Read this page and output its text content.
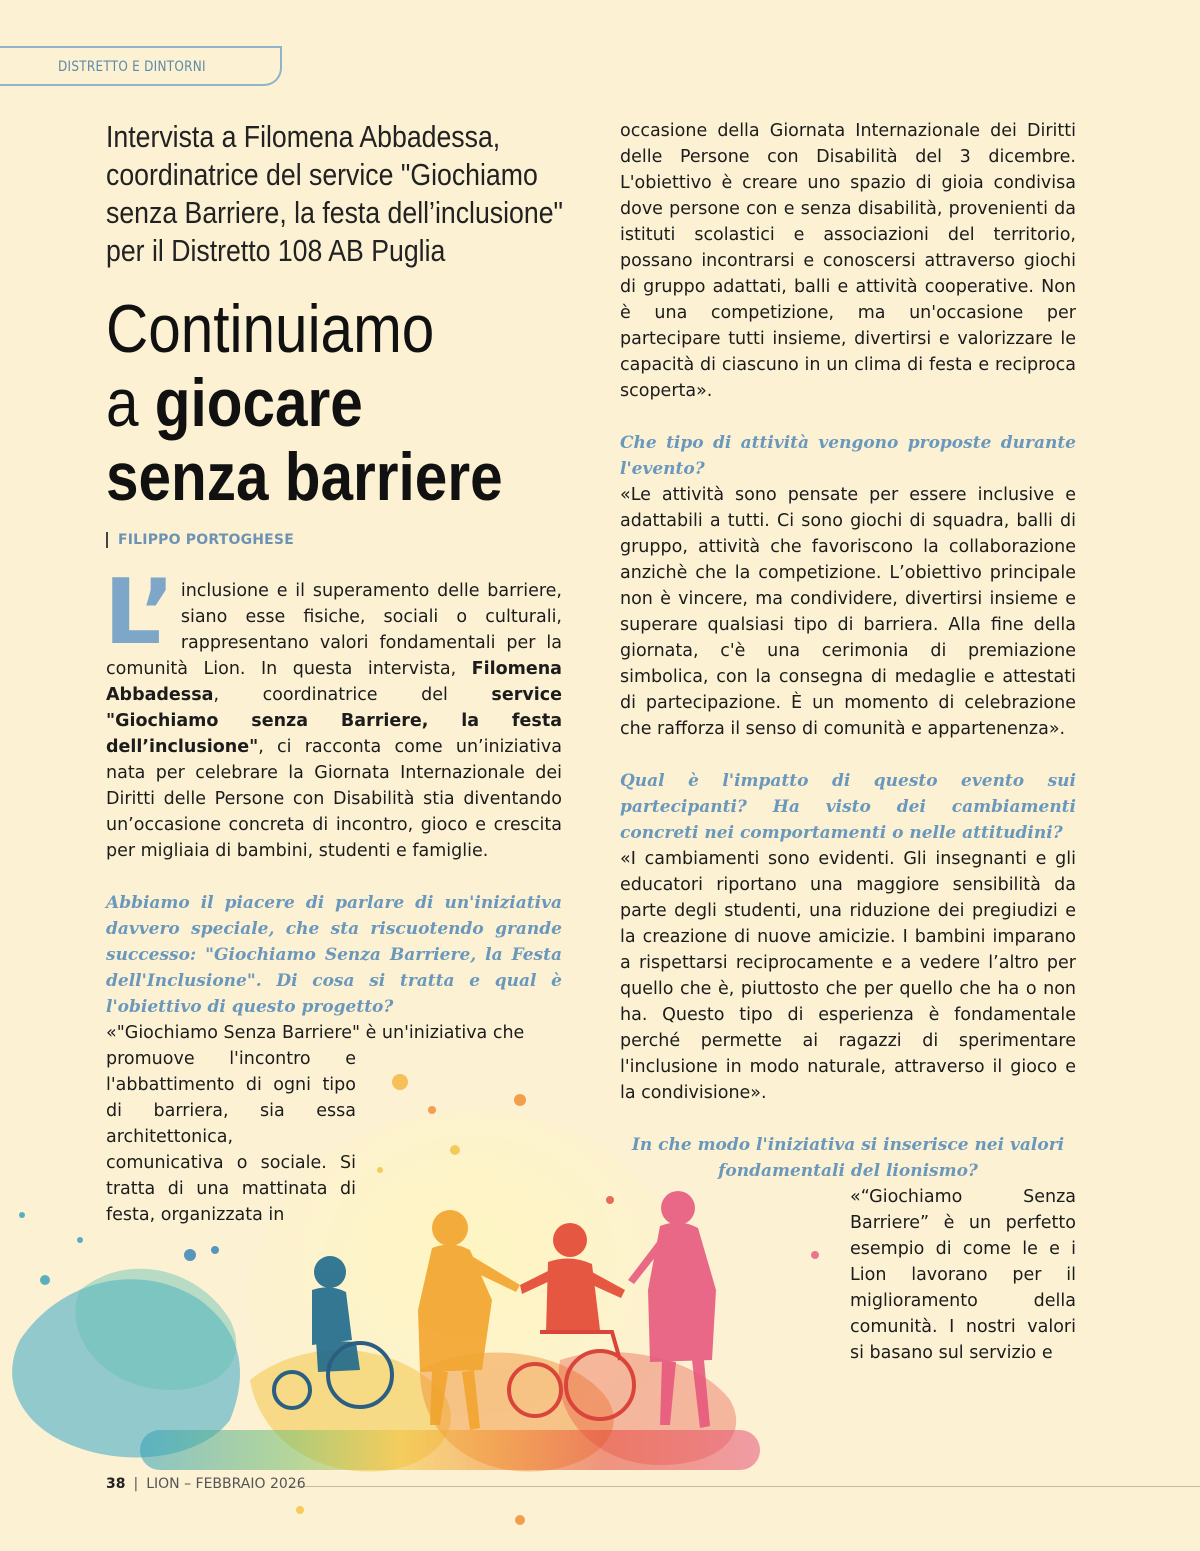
DISTRETTO E DINTORNI

Intervista a Filomena Abbadessa,
coordinatrice del service "Giochiamo
senza Barriere, la festa dell’inclusione"
per il Distretto 108 AB Puglia

Continuiamo
a giocare
senza barriere
FILIPPO PORTOGHESE
L’ inclusione e il superamento delle barriere, siano esse fisiche, sociali o culturali, rappresentano valori fondamentali per la comunità Lion. In questa intervista, Filomena Abbadessa, coordinatrice del service "Giochiamo senza Barriere, la festa dell’inclusione", ci racconta come un’iniziativa nata per celebrare la Giornata Internazionale dei Diritti delle Persone con Disabilità stia diventando un’occasione concreta di incontro, gioco e crescita per migliaia di bambini, studenti e famiglie.

Abbiamo il piacere di parlare di un'iniziativa davvero speciale, che sta riscuotendo grande successo: "Giochiamo Senza Barriere, la Festa dell'Inclusione". Di cosa si tratta e qual è l'obiettivo di questo progetto?

«"Giochiamo Senza Barriere" è un'iniziativa che

promuove l'incontro e l'abbattimento di ogni tipo di barriera, sia essa architettonica, comunicativa o sociale. Si tratta di una mattinata di festa, organizzata in

occasione della Giornata Internazionale dei Diritti delle Persone con Disabilità del 3 dicembre. L'obiettivo è creare uno spazio di gioia condivisa dove persone con e senza disabilità, provenienti da istituti scolastici e associazioni del territorio, possano incontrarsi e conoscersi attraverso giochi di gruppo adattati, balli e attività cooperative. Non è una competizione, ma un'occasione per partecipare tutti insieme, divertirsi e valorizzare le capacità di ciascuno in un clima di festa e reciproca scoperta».

Che tipo di attività vengono proposte durante l'evento?

«Le attività sono pensate per essere inclusive e adattabili a tutti. Ci sono giochi di squadra, balli di gruppo, attività che favoriscono la collaborazione anzichè che la competizione. L’obiettivo principale non è vincere, ma condividere, divertirsi insieme e superare qualsiasi tipo di barriera. Alla fine della giornata, c'è una cerimonia di premiazione simbolica, con la consegna di medaglie e attestati di partecipazione. È un momento di celebrazione che rafforza il senso di comunità e appartenenza».

Qual è l'impatto di questo evento sui partecipanti? Ha visto dei cambiamenti concreti nei comportamenti o nelle attitudini?

«I cambiamenti sono evidenti. Gli insegnanti e gli educatori riportano una maggiore sensibilità da parte degli studenti, una riduzione dei pregiudizi e la creazione di nuove amicizie. I bambini imparano a rispettarsi reciprocamente e a vedere l’altro per quello che è, piuttosto che per quello che ha o non ha. Questo tipo di esperienza è fondamentale perché permette ai ragazzi di sperimentare l'inclusione in modo naturale, attraverso il gioco e la condivisione».

In che modo l'iniziativa si inserisce nei valori fondamentali del lionismo?

«“Giochiamo Senza Barriere” è un perfetto esempio di come le e i Lion lavorano per il miglioramento della comunità. I nostri valori si basano sul servizio e

38 | LION – FEBBRAIO 2026
